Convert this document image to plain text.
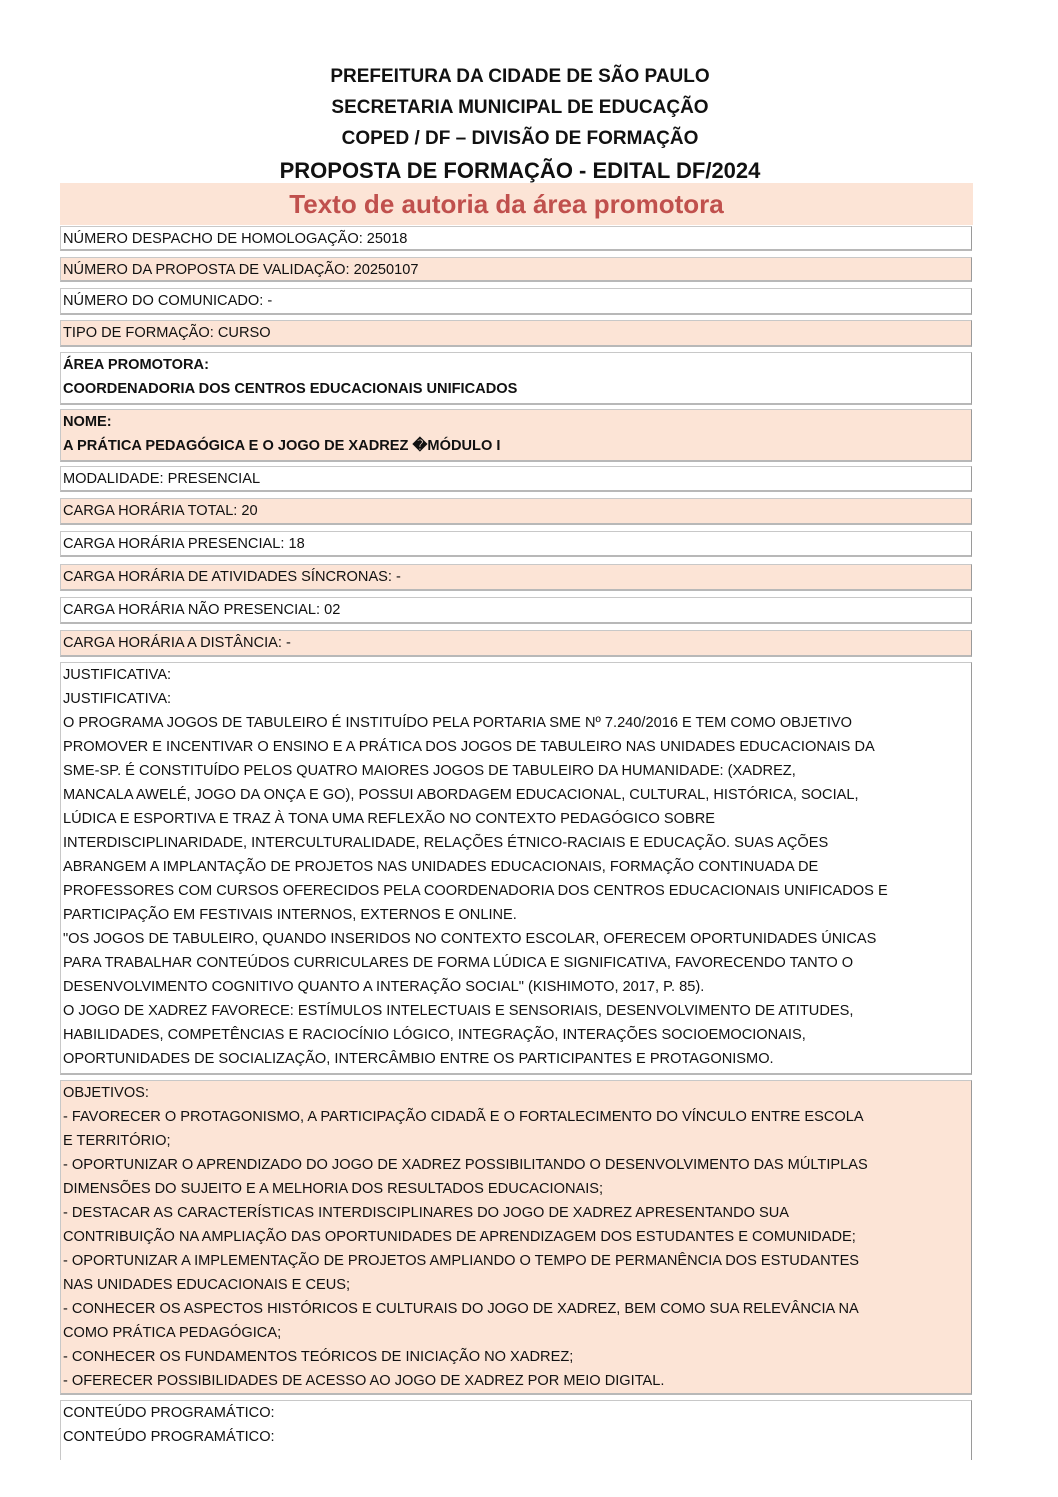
PREFEITURA DA CIDADE DE SÃO PAULO
SECRETARIA MUNICIPAL DE EDUCAÇÃO
COPED / DF – DIVISÃO DE FORMAÇÃO
PROPOSTA DE FORMAÇÃO - EDITAL DF/2024
Texto de autoria da área promotora
NÚMERO DESPACHO DE HOMOLOGAÇÃO: 25018
NÚMERO DA PROPOSTA DE VALIDAÇÃO: 20250107
NÚMERO DO COMUNICADO: -
TIPO DE FORMAÇÃO: CURSO
ÁREA PROMOTORA:
COORDENADORIA DOS CENTROS EDUCACIONAIS UNIFICADOS
NOME:
A PRÁTICA PEDAGÓGICA E O JOGO DE XADREZ �MÓDULO I
MODALIDADE: PRESENCIAL
CARGA HORÁRIA TOTAL: 20
CARGA HORÁRIA PRESENCIAL: 18
CARGA HORÁRIA DE ATIVIDADES SÍNCRONAS: -
CARGA HORÁRIA NÃO PRESENCIAL: 02
CARGA HORÁRIA A DISTÂNCIA: -
JUSTIFICATIVA:
JUSTIFICATIVA:
O PROGRAMA JOGOS DE TABULEIRO É INSTITUÍDO PELA PORTARIA SME Nº 7.240/2016 E TEM COMO OBJETIVO
PROMOVER E INCENTIVAR O ENSINO E A PRÁTICA DOS JOGOS DE TABULEIRO NAS UNIDADES EDUCACIONAIS DA
SME-SP. É CONSTITUÍDO PELOS QUATRO MAIORES JOGOS DE TABULEIRO DA HUMANIDADE: (XADREZ,
MANCALA AWELÉ, JOGO DA ONÇA E GO), POSSUI ABORDAGEM EDUCACIONAL, CULTURAL, HISTÓRICA, SOCIAL,
LÚDICA E ESPORTIVA E TRAZ À TONA UMA REFLEXÃO NO CONTEXTO PEDAGÓGICO SOBRE
INTERDISCIPLINARIDADE, INTERCULTURALIDADE, RELAÇÕES ÉTNICO-RACIAIS E EDUCAÇÃO. SUAS AÇÕES
ABRANGEM A IMPLANTAÇÃO DE PROJETOS NAS UNIDADES EDUCACIONAIS, FORMAÇÃO CONTINUADA DE
PROFESSORES COM CURSOS OFERECIDOS PELA COORDENADORIA DOS CENTROS EDUCACIONAIS UNIFICADOS E
PARTICIPAÇÃO EM FESTIVAIS INTERNOS, EXTERNOS E ONLINE.
"OS JOGOS DE TABULEIRO, QUANDO INSERIDOS NO CONTEXTO ESCOLAR, OFERECEM OPORTUNIDADES ÚNICAS
PARA TRABALHAR CONTEÚDOS CURRICULARES DE FORMA LÚDICA E SIGNIFICATIVA, FAVORECENDO TANTO O
DESENVOLVIMENTO COGNITIVO QUANTO A INTERAÇÃO SOCIAL" (KISHIMOTO, 2017, P. 85).
O JOGO DE XADREZ FAVORECE: ESTÍMULOS INTELECTUAIS E SENSORIAIS, DESENVOLVIMENTO DE ATITUDES,
HABILIDADES, COMPETÊNCIAS E RACIOCÍNIO LÓGICO, INTEGRAÇÃO, INTERAÇÕES SOCIOEMOCIONAIS,
OPORTUNIDADES DE SOCIALIZAÇÃO, INTERCÂMBIO ENTRE OS PARTICIPANTES E PROTAGONISMO.
OBJETIVOS:
- FAVORECER O PROTAGONISMO, A PARTICIPAÇÃO CIDADÃ E O FORTALECIMENTO DO VÍNCULO ENTRE ESCOLA
E TERRITÓRIO;
- OPORTUNIZAR O APRENDIZADO DO JOGO DE XADREZ POSSIBILITANDO O DESENVOLVIMENTO DAS MÚLTIPLAS
DIMENSÕES DO SUJEITO E A MELHORIA DOS RESULTADOS EDUCACIONAIS;
- DESTACAR AS CARACTERÍSTICAS INTERDISCIPLINARES DO JOGO DE XADREZ APRESENTANDO SUA
CONTRIBUIÇÃO NA AMPLIAÇÃO DAS OPORTUNIDADES DE APRENDIZAGEM DOS ESTUDANTES E COMUNIDADE;
- OPORTUNIZAR A IMPLEMENTAÇÃO DE PROJETOS AMPLIANDO O TEMPO DE PERMANÊNCIA DOS ESTUDANTES
NAS UNIDADES EDUCACIONAIS E CEUS;
- CONHECER OS ASPECTOS HISTÓRICOS E CULTURAIS DO JOGO DE XADREZ, BEM COMO SUA RELEVÂNCIA NA
COMO PRÁTICA PEDAGÓGICA;
- CONHECER OS FUNDAMENTOS TEÓRICOS DE INICIAÇÃO NO XADREZ;
- OFERECER POSSIBILIDADES DE ACESSO AO JOGO DE XADREZ POR MEIO DIGITAL.
CONTEÚDO PROGRAMÁTICO:
CONTEÚDO PROGRAMÁTICO:
